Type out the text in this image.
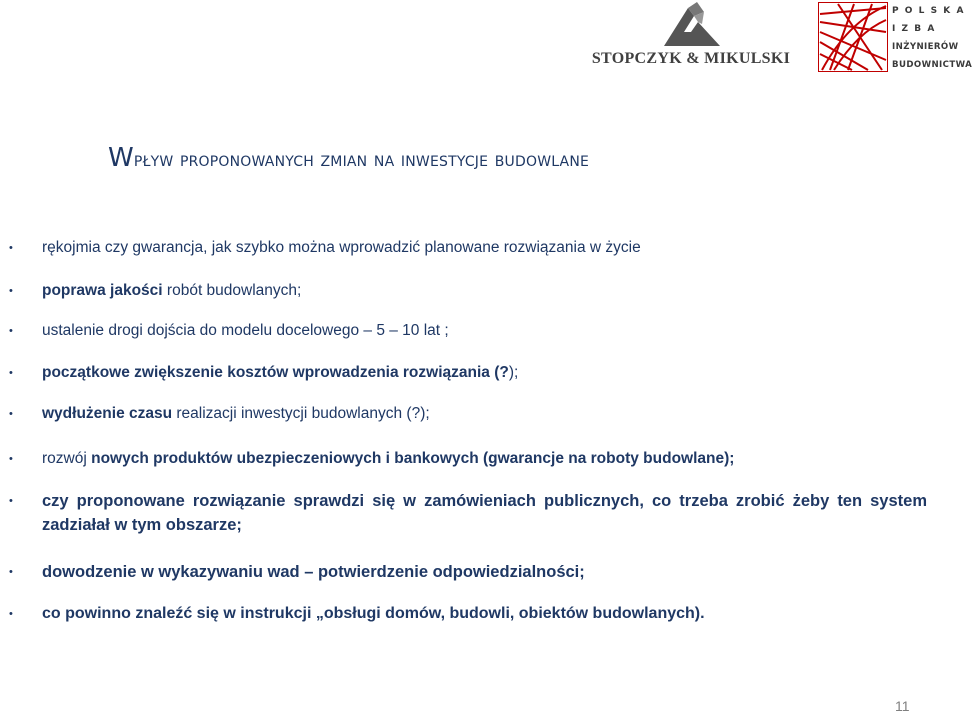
STOPCZYK & MIKULSKI
POLSKA
IZBA
INŻYNIERÓW
BUDOWNICTWA
Wpływ proponowanych zmian na inwestycje budowlane
• rękojmia czy gwarancja, jak szybko można wprowadzić planowane rozwiązania w życie
• poprawa jakości robót budowlanych;
• ustalenie drogi dojścia do modelu docelowego – 5 – 10 lat ;
• początkowe zwiększenie kosztów wprowadzenia rozwiązania (?);
• wydłużenie czasu realizacji inwestycji budowlanych (?);
• rozwój nowych produktów ubezpieczeniowych i bankowych (gwarancje na roboty budowlane);
• czy proponowane rozwiązanie sprawdzi się w zamówieniach publicznych, co trzeba zrobić żeby ten system zadziałał w tym obszarze;
• dowodzenie w wykazywaniu wad – potwierdzenie odpowiedzialności;
• co powinno znaleźć się w instrukcji „obsługi domów, budowli, obiektów budowlanych).
11
